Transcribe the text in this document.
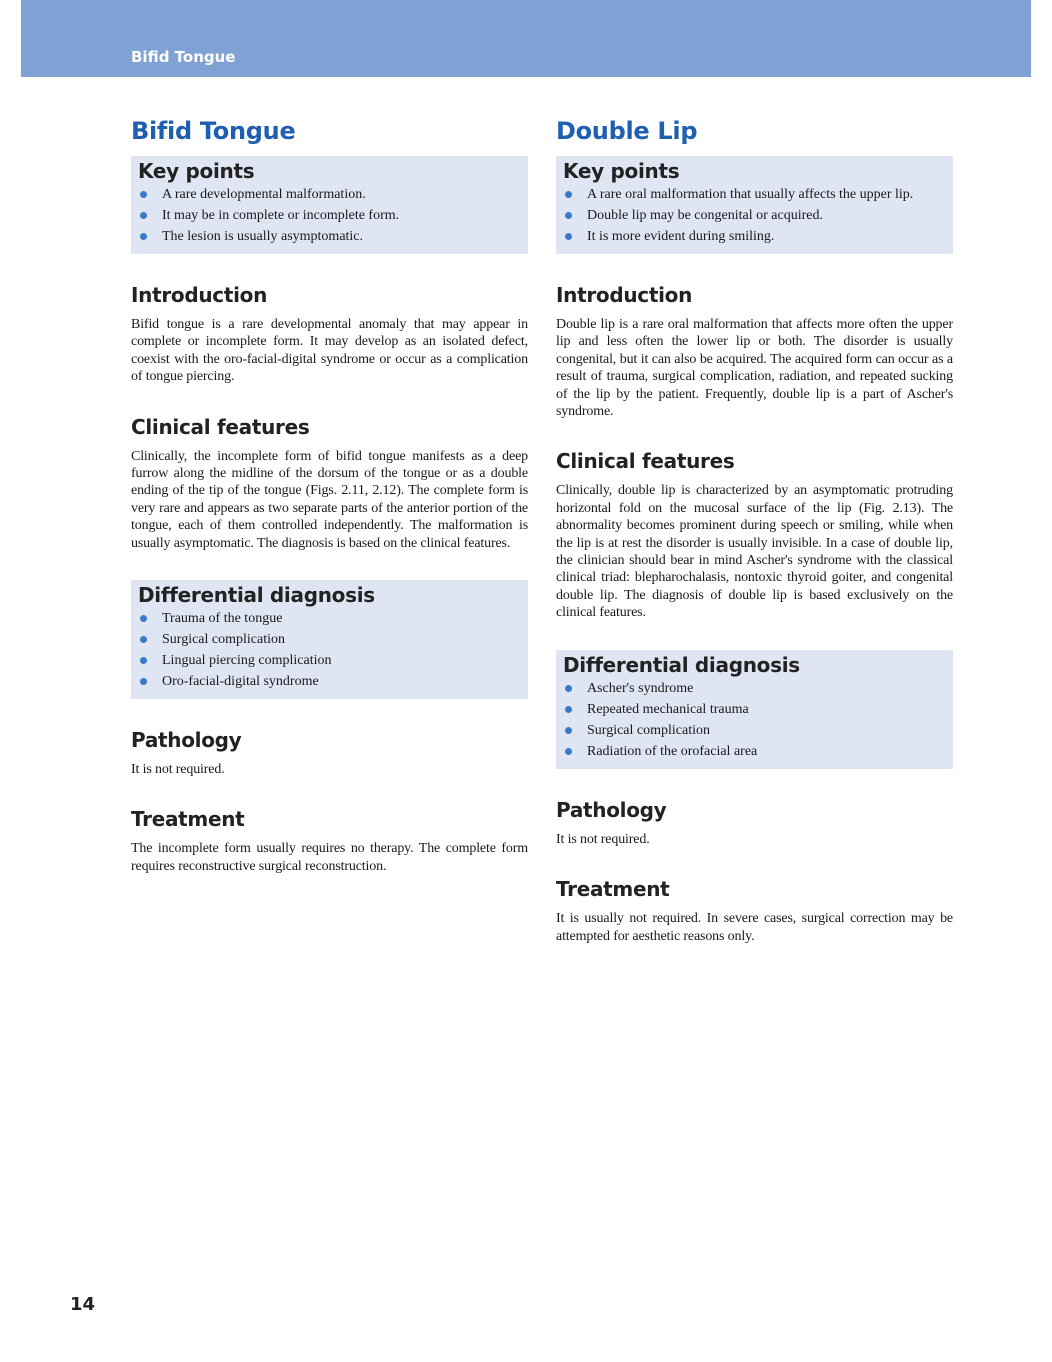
Bifid Tongue
Bifid Tongue
Key points
A rare developmental malformation.
It may be in complete or incomplete form.
The lesion is usually asymptomatic.
Introduction

Bifid tongue is a rare developmental anomaly that may appear in complete or incomplete form. It may develop as an isolated defect, coexist with the oro-facial-digital syndrome or occur as a complication of tongue piercing.

Clinical features

Clinically, the incomplete form of bifid tongue manifests as a deep furrow along the midline of the dorsum of the tongue or as a double ending of the tip of the tongue (Figs. 2.11, 2.12). The complete form is very rare and appears as two separate parts of the anterior portion of the tongue, each of them controlled independently. The malformation is usually asymptomatic. The diagnosis is based on the clinical features.

Differential diagnosis
Trauma of the tongue
Surgical complication
Lingual piercing complication
Oro-facial-digital syndrome
Pathology

It is not required.

Treatment

The incomplete form usually requires no therapy. The complete form requires reconstructive surgical reconstruction.

Double Lip
Key points
A rare oral malformation that usually affects the upper lip.
Double lip may be congenital or acquired.
It is more evident during smiling.
Introduction

Double lip is a rare oral malformation that affects more often the upper lip and less often the lower lip or both. The disorder is usually congenital, but it can also be acquired. The acquired form can occur as a result of trauma, surgical complication, radiation, and repeated sucking of the lip by the patient. Frequently, double lip is a part of Ascher's syndrome.

Clinical features

Clinically, double lip is characterized by an asymptomatic protruding horizontal fold on the mucosal surface of the lip (Fig. 2.13). The abnormality becomes prominent during speech or smiling, while when the lip is at rest the disorder is usually invisible. In a case of double lip, the clinician should bear in mind Ascher's syndrome with the classical clinical triad: blepharochalasis, nontoxic thyroid goiter, and congenital double lip. The diagnosis of double lip is based exclusively on the clinical features.

Differential diagnosis
Ascher's syndrome
Repeated mechanical trauma
Surgical complication
Radiation of the orofacial area
Pathology

It is not required.

Treatment

It is usually not required. In severe cases, surgical correction may be attempted for aesthetic reasons only.

14
